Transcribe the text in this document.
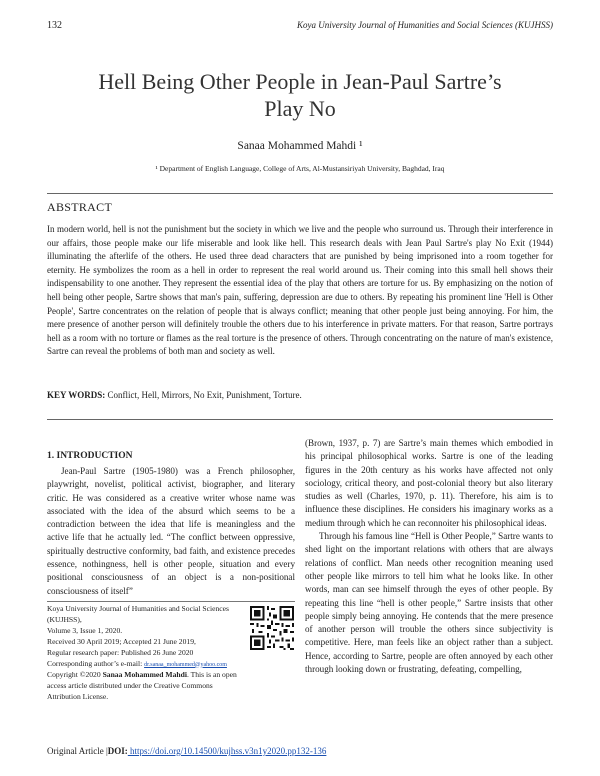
132	Koya University Journal of Humanities and Social Sciences (KUJHSS)
Hell Being Other People in Jean-Paul Sartre’s
Play No
Sanaa Mohammed Mahdi ¹
¹ Department of English Language, College of Arts, Al-Mustansiriyah University, Baghdad, Iraq
ABSTRACT
In modern world, hell is not the punishment but the society in which we live and the people who surround us. Through their interference in our affairs, those people make our life miserable and look like hell. This research deals with Jean Paul Sartre's play No Exit (1944) illuminating the afterlife of the others. He used three dead characters that are punished by being imprisoned into a room together for eternity. He symbolizes the room as a hell in order to represent the real world around us. Their coming into this small hell shows their indispensability to one another. They represent the essential idea of the play that others are torture for us. By emphasizing on the notion of hell being other people, Sartre shows that man's pain, suffering, depression are due to others. By repeating his prominent line 'Hell is Other People', Sartre concentrates on the relation of people that is always conflict; meaning that other people just being annoying. For him, the mere presence of another person will definitely trouble the others due to his interference in private matters. For that reason, Sartre portrays hell as a room with no torture or flames as the real torture is the presence of others. Through concentrating on the nature of man's existence, Sartre can reveal the problems of both man and society as well.
KEY WORDS: Conflict, Hell, Mirrors, No Exit, Punishment, Torture.
1. INTRODUCTION

Jean-Paul Sartre (1905-1980) was a French philosopher, playwright, novelist, political activist, biographer, and literary critic. He was considered as a creative writer whose name was associated with the idea of the absurd which seems to be a contradiction between the idea that life is meaningless and the active life that he actually led. “The conflict between oppressive, spiritually destructive conformity, bad faith, and existence precedes essence, nothingness, hell is other people, situation and every positional consciousness of an object is a non-positional consciousness of itself”

(Brown, 1937, p. 7) are Sartre’s main themes which embodied in his principal philosophical works. Sartre is one of the leading figures in the 20th century as his works have affected not only sociology, critical theory, and post-colonial theory but also literary studies as well (Charles, 1970, p. 11). Therefore, his aim is to influence these disciplines. He considers his imaginary works as a medium through which he can reconnoiter his philosophical ideas.

Through his famous line “Hell is Other People,” Sartre wants to shed light on the important relations with others that are always relations of conflict. Man needs other recognition meaning used other people like mirrors to tell him what he looks like. In other words, man can see himself through the eyes of other people. By repeating this line “hell is other people,” Sartre insists that other people simply being annoying. He contends that the mere presence of another person will trouble the others since subjectivity is competitive. Here, man feels like an object rather than a subject. Hence, according to Sartre, people are often annoyed by each other through looking down or frustrating, defeating, compelling,

Koya University Journal of Humanities and Social Sciences (KUJHSS),
Volume 3, Issue 1, 2020.
Received 30 April 2019; Accepted 21 June 2019,
Regular research paper: Published 26 June 2020
Corresponding author’s e-mail: dr.sanaa_mohammed@yahoo.com
Copyright ©2020 Sanaa Mohammed Mahdi. This is an open access article distributed under the Creative Commons Attribution License.
Original Article |DOI: https://doi.org/10.14500/kujhss.v3n1y2020.pp132-136
